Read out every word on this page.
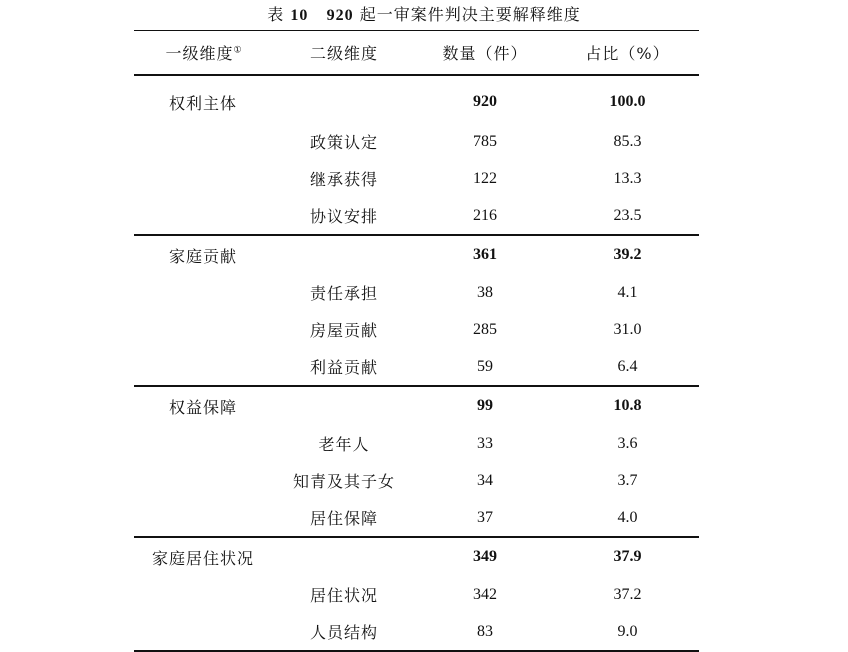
表 10 920 起一审案件判决主要解释维度
一级维度①	二级维度	数量（件）	占比（%）
权利主体		920	100.0
	政策认定	785	85.3
	继承获得	122	13.3
	协议安排	216	23.5
家庭贡献		361	39.2
	责任承担	38	4.1
	房屋贡献	285	31.0
	利益贡献	59	6.4
权益保障		99	10.8
	老年人	33	3.6
	知青及其子女	34	3.7
	居住保障	37	4.0
家庭居住状况		349	37.9
	居住状况	342	37.2
	人员结构	83	9.0
